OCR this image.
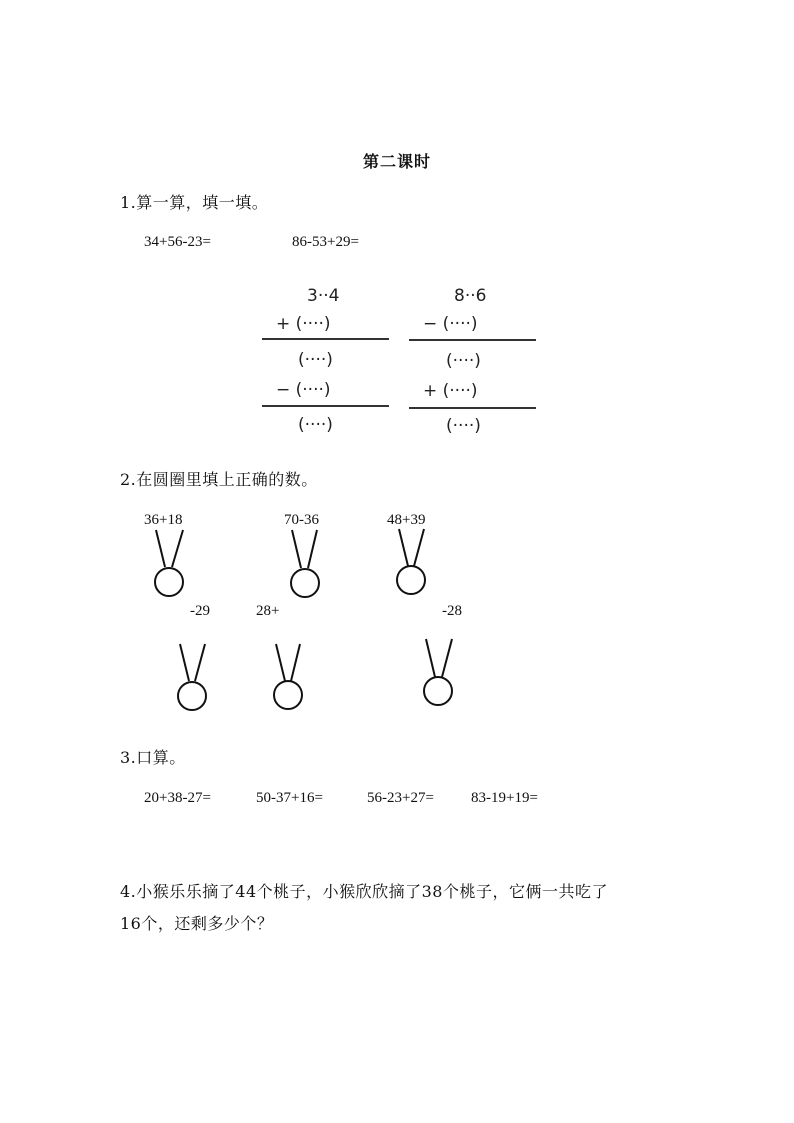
第二课时
1.算一算，填一填。
34+56-23=	86-53+29=
3··4
+ (····)
(····)
− (····)
(····)
8··6
− (····)
(····)
+ (····)
(····)
2.在圆圈里填上正确的数。
36+18	70-36	48+39
-29	28+	-28
3.口算。
20+38-27=	50-37+16=	56-23+27= 83-19+19=
4.小猴乐乐摘了44个桃子，小猴欣欣摘了38个桃子，它俩一共吃了
16个，还剩多少个？
